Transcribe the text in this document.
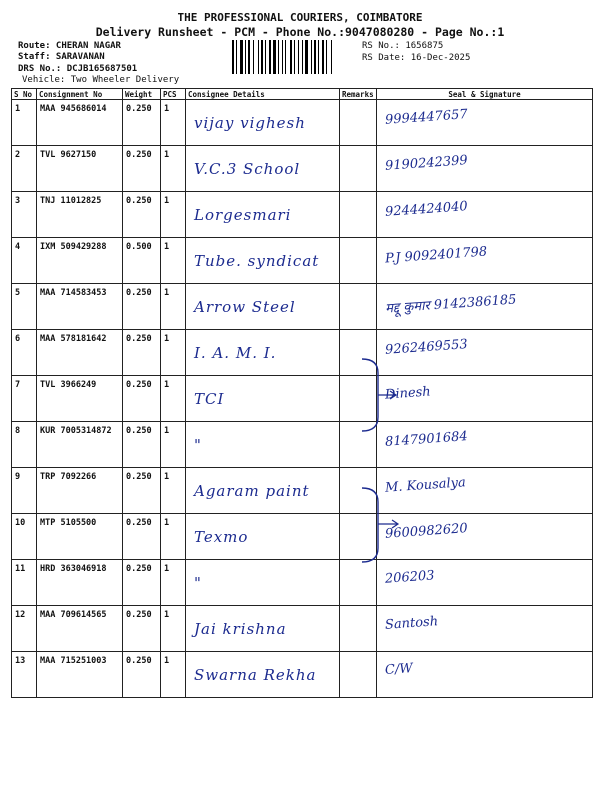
THE PROFESSIONAL COURIERS, COIMBATORE
Delivery Runsheet - PCM - Phone No.:9047080280 - Page No.:1
Route: CHERAN NAGAR
Staff: SARAVANAN
DRS No.: DCJB165687501
Vehicle: Two Wheeler Delivery
RS No.: 1656875
RS Date: 16-Dec-2025
S No	Consignment No	Weight	PCS	Consignee Details	Remarks	Seal & Signature
1	MAA 945686014	0.250	1	vijay vighesh		9994447657

2	TVL 9627150	0.250	1	V.C.3 School		9190242399

3	TNJ 11012825	0.250	1	Lorgesmari		9244424040

4	IXM 509429288	0.500	1	Tube. syndicat		P.J 9092401798

5	MAA 714583453	0.250	1	Arrow Steel		मद्दू कुमार 9142386185

6	MAA 578181642	0.250	1	I. A. M. I.		9262469553

7	TVL 3966249	0.250	1	TCI		Dinesh

8	KUR 7005314872	0.250	1	"		8147901684

9	TRP 7092266	0.250	1	Agaram paint		M. Kousalya

10	MTP 5105500	0.250	1	Texmo		9600982620

11	HRD 363046918	0.250	1	"		206203

12	MAA 709614565	0.250	1	Jai krishna		Santosh

13	MAA 715251003	0.250	1	Swarna Rekha		C/W
